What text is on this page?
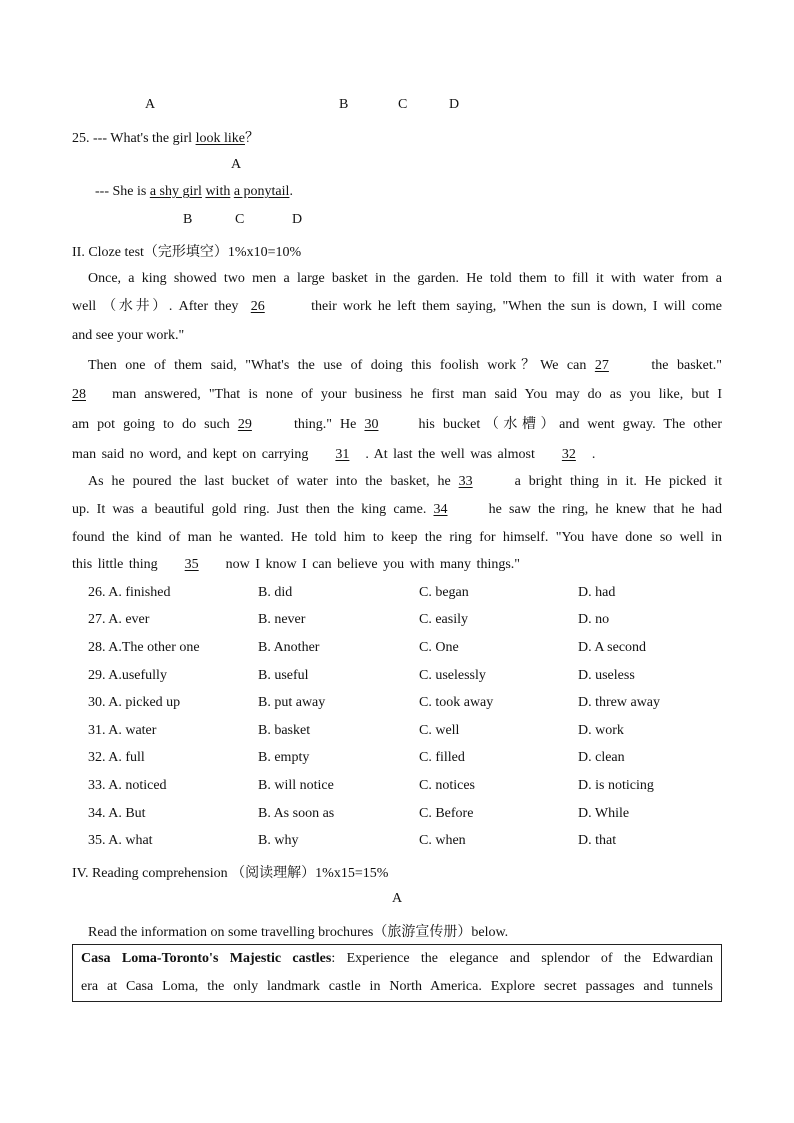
A	B	C	D
25. --- What's the girl look like？
A
--- She is a shy girl with a ponytail.
B	C	D
II. Cloze test（完形填空）1%x10=10%
Once, a king showed two men a large basket in the garden. He told them to fill it with water from a
well （水井）. After they 26	their work he left them saying, "When the sun is down, I will come
and see your work."
Then one of them said, "What's the use of doing this foolish work？We can 27	the basket."
28 man answered, "That is none of your business he first man said You may do as you like, but I
am pot going to do such 29	thing." He 30	his bucket（水槽）and went gway. The other
man said no word, and kept on carrying 31 . At last the well was almost 32 .
As he poured the last bucket of water into the basket, he 33	a bright thing in it. He picked it
up. It was a beautiful gold ring. Just then the king came. 34	he saw the ring, he knew that he had
found the kind of man he wanted. He told him to keep the ring for himself. "You have done so well in
this little thing 35 now I know I can believe you with many things."
26. A. finished	B. did	C. began	D. had
27. A. ever	B. never	C. easily	D. no
28. A.The other one	B. Another	C. One	D. A second
29. A.usefully	B. useful	C. uselessly	D. useless
30. A. picked up	B. put away	C. took away	D. threw away
31. A. water	B. basket	C. well	D. work
32. A. full	B. empty	C. filled	D. clean
33. A. noticed	B. will notice	C. notices	D. is noticing
34. A. But	B. As soon as	C. Before	D. While
35. A. what	B. why	C. when	D. that
IV. Reading comprehension （阅读理解）1%x15=15%
A
Read the information on some travelling brochures（旅游宣传册）below.
Casa Loma-Toronto's Majestic castles: Experience the elegance and splendor of the Edwardian
era at Casa Loma, the only landmark castle in North America. Explore secret passages and tunnels
